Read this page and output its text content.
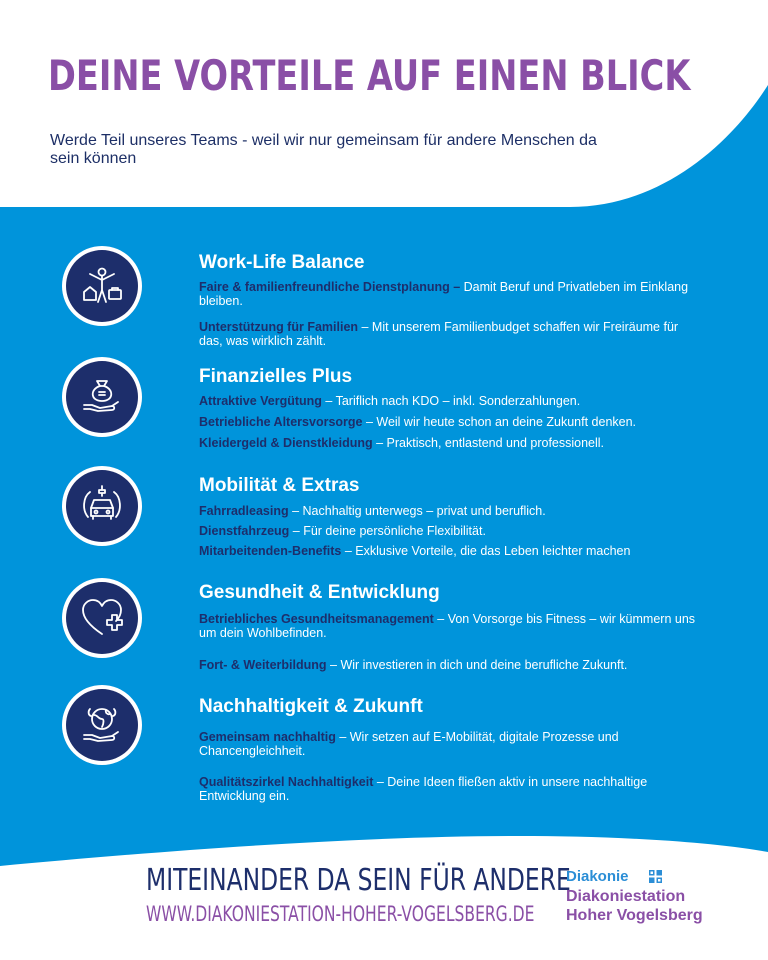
DEINE VORTEILE AUF EINEN BLICK
Werde Teil unseres Teams - weil wir nur gemeinsam für andere Menschen da sein können
Work-Life Balance
Faire & familienfreundliche Dienstplanung – Damit Beruf und Privatleben im Einklang bleiben.
Unterstützung für Familien – Mit unserem Familienbudget schaffen wir Freiräume für das, was wirklich zählt.
Finanzielles Plus
Attraktive Vergütung – Tariflich nach KDO – inkl. Sonderzahlungen.
Betriebliche Altersvorsorge – Weil wir heute schon an deine Zukunft denken.
Kleidergeld & Dienstkleidung – Praktisch, entlastend und professionell.
Mobilität & Extras
Fahrradleasing – Nachhaltig unterwegs – privat und beruflich.
Dienstfahrzeug – Für deine persönliche Flexibilität.
Mitarbeitenden-Benefits – Exklusive Vorteile, die das Leben leichter machen
Gesundheit & Entwicklung
Betriebliches Gesundheitsmanagement – Von Vorsorge bis Fitness – wir kümmern uns um dein Wohlbefinden.
Fort- & Weiterbildung – Wir investieren in dich und deine berufliche Zukunft.
Nachhaltigkeit & Zukunft
Gemeinsam nachhaltig – Wir setzen auf E-Mobilität, digitale Prozesse und Chancengleichheit.
Qualitätszirkel Nachhaltigkeit – Deine Ideen fließen aktiv in unsere nachhaltige Entwicklung ein.
MITEINANDER DA SEIN FÜR ANDERE
WWW.DIAKONIESTATION-HOHER-VOGELSBERG.DE
Diakonie
Diakoniestation
Hoher Vogelsberg
